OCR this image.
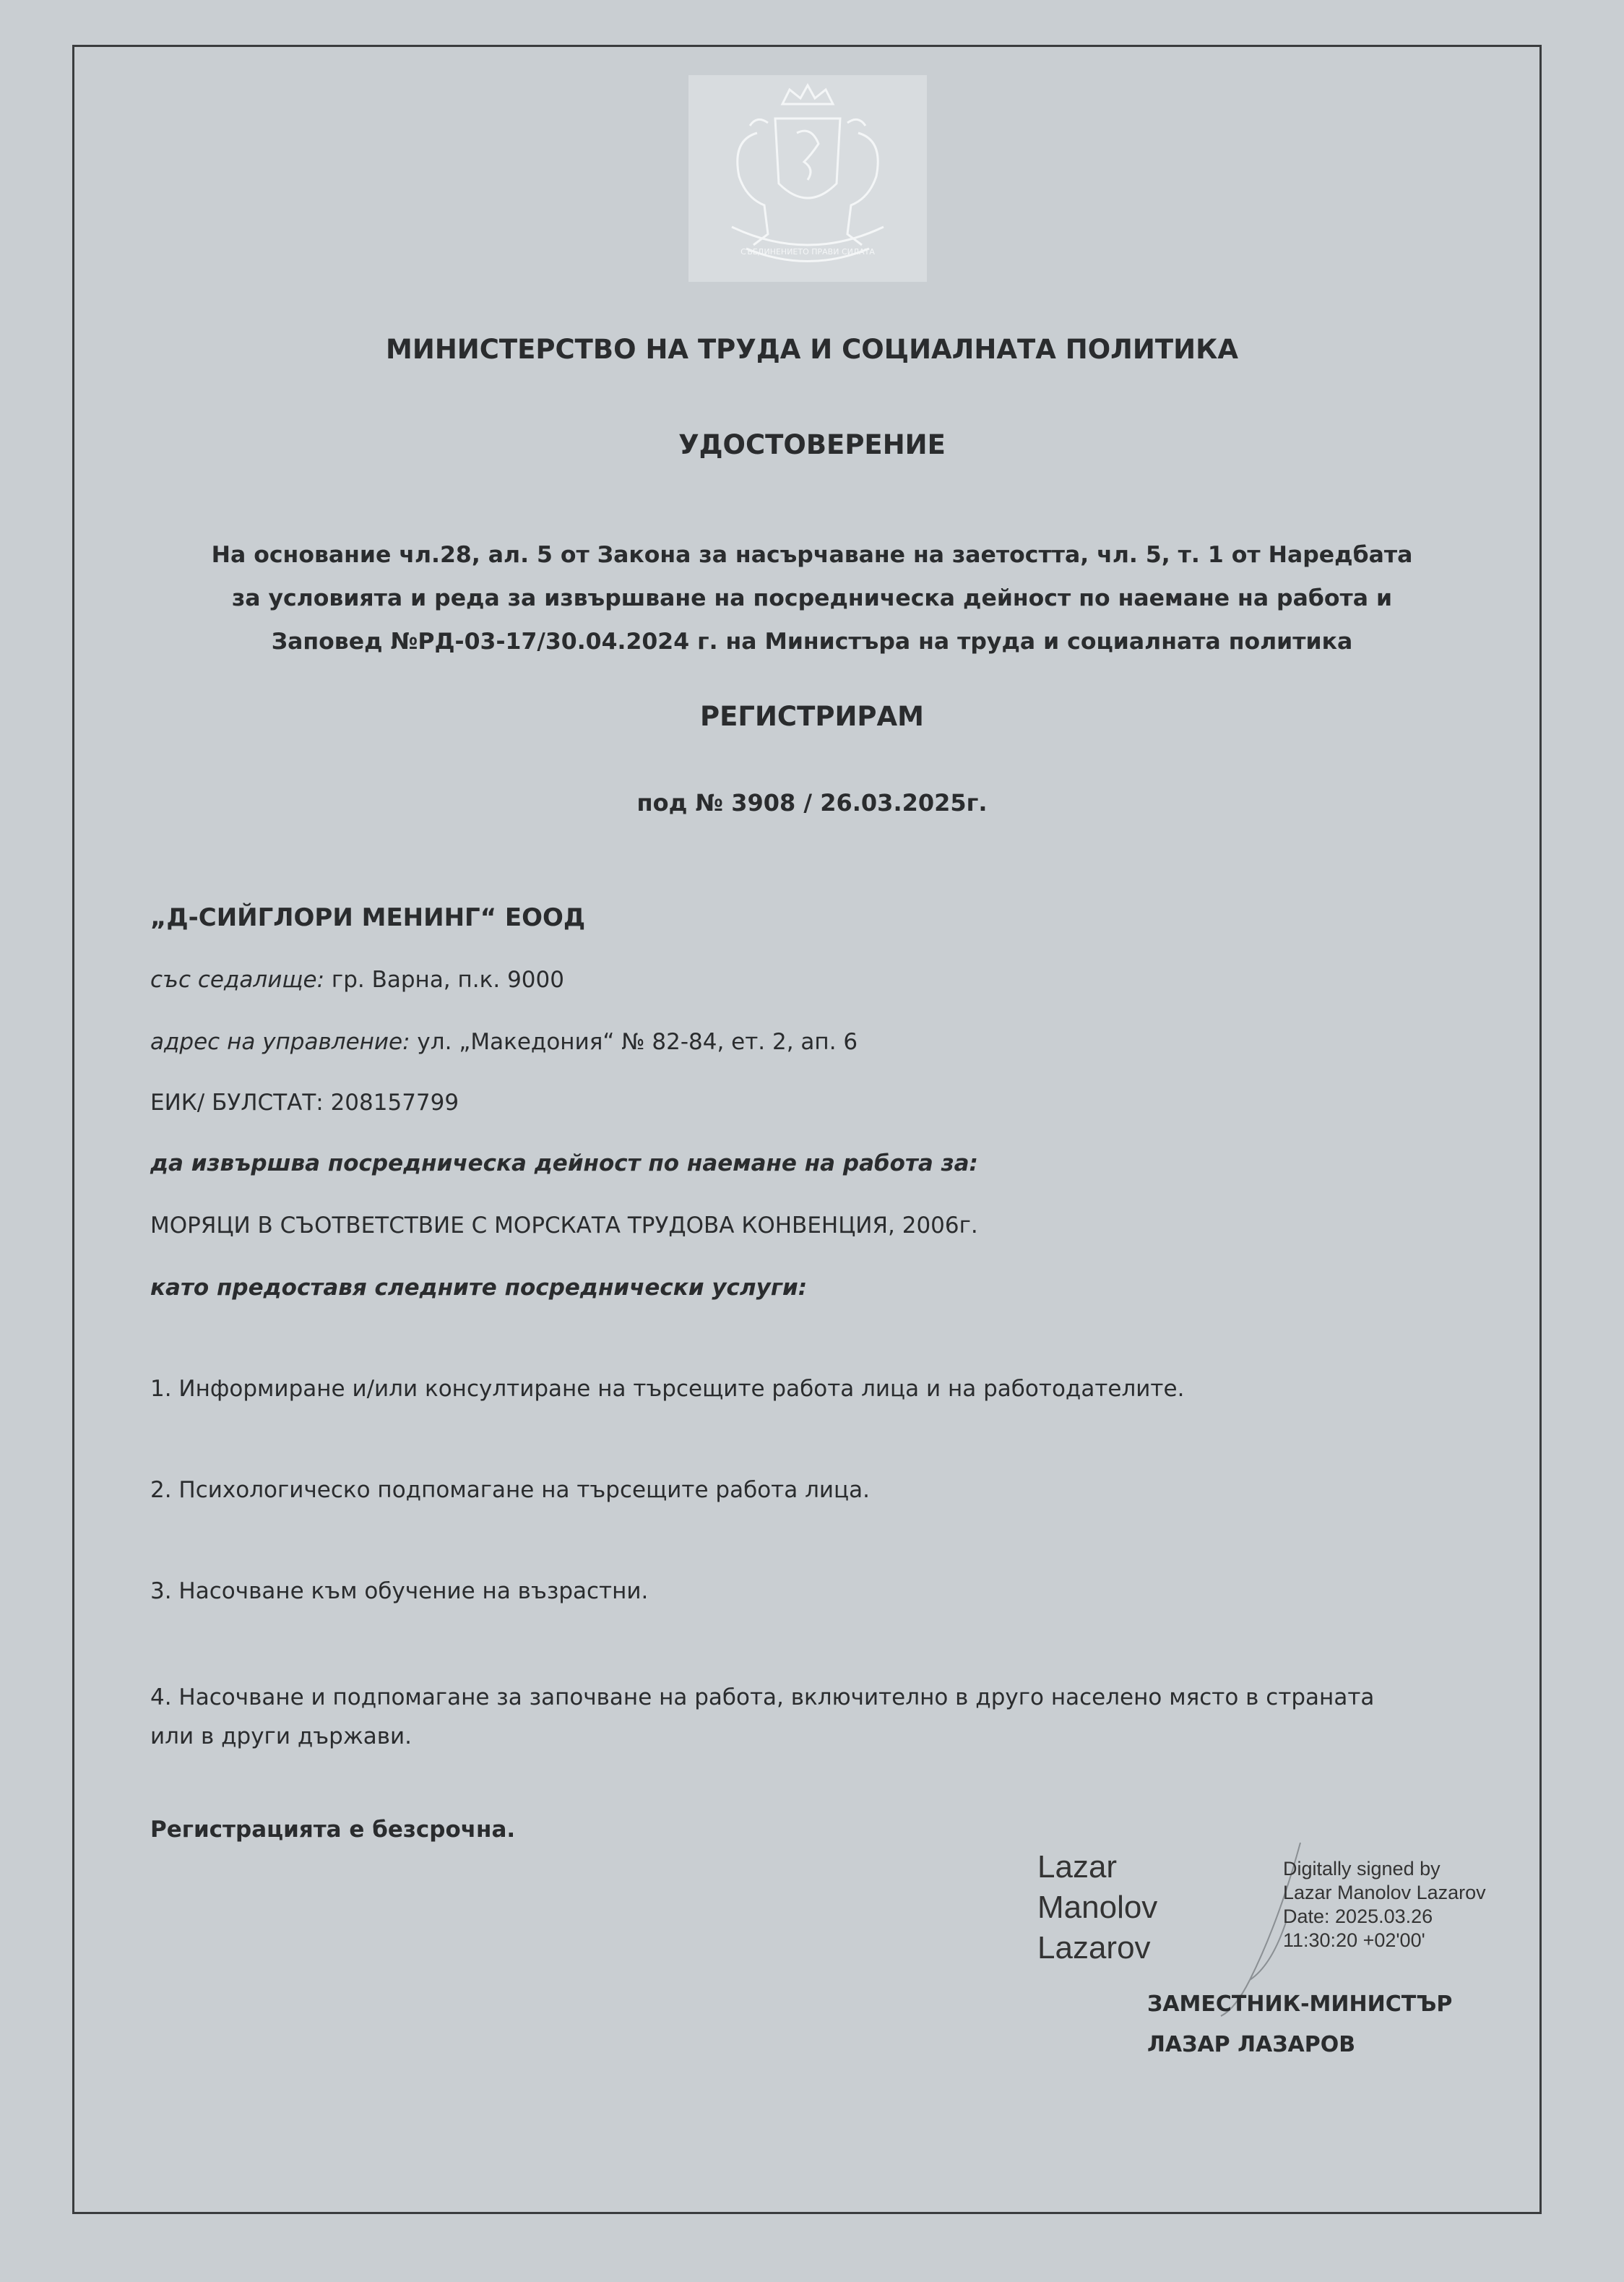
СЪЕДИНЕНИЕТО ПРАВИ СИЛАТА
МИНИСТЕРСТВО НА ТРУДА И СОЦИАЛНАТА ПОЛИТИКА
УДОСТОВЕРЕНИЕ
На основание чл.28, ал. 5 от Закона за насърчаване на заетостта, чл. 5, т. 1 от Наредбата
за условията и реда за извършване на посредническа дейност по наемане на работа и
Заповед №РД-03-17/30.04.2024 г. на Министъра на труда и социалната политика
РЕГИСТРИРАМ
под № 3908 / 26.03.2025г.
„Д-СИЙГЛОРИ МЕНИНГ“ ЕООД
със седалище: гр. Варна, п.к. 9000
адрес на управление: ул. „Македония“ № 82-84, ет. 2, ап. 6
ЕИК/ БУЛСТАТ: 208157799
да извършва посредническа дейност по наемане на работа за:
МОРЯЦИ В СЪОТВЕТСТВИЕ С МОРСКАТА ТРУДОВА КОНВЕНЦИЯ, 2006г.
като предоставя следните посреднически услуги:
1. Информиране и/или консултиране на търсещите работа лица и на работодателите.
2. Психологическо подпомагане на търсещите работа лица.
3. Насочване към обучение на възрастни.
4. Насочване и подпомагане за започване на работа, включително в друго населено място в страната или в други държави.
Регистрацията е безсрочна.
Lazar
Manolov
Lazarov
Digitally signed by
Lazar Manolov Lazarov
Date: 2025.03.26
11:30:20 +02'00'
ЗАМЕСТНИК-МИНИСТЪР
ЛАЗАР ЛАЗАРОВ
